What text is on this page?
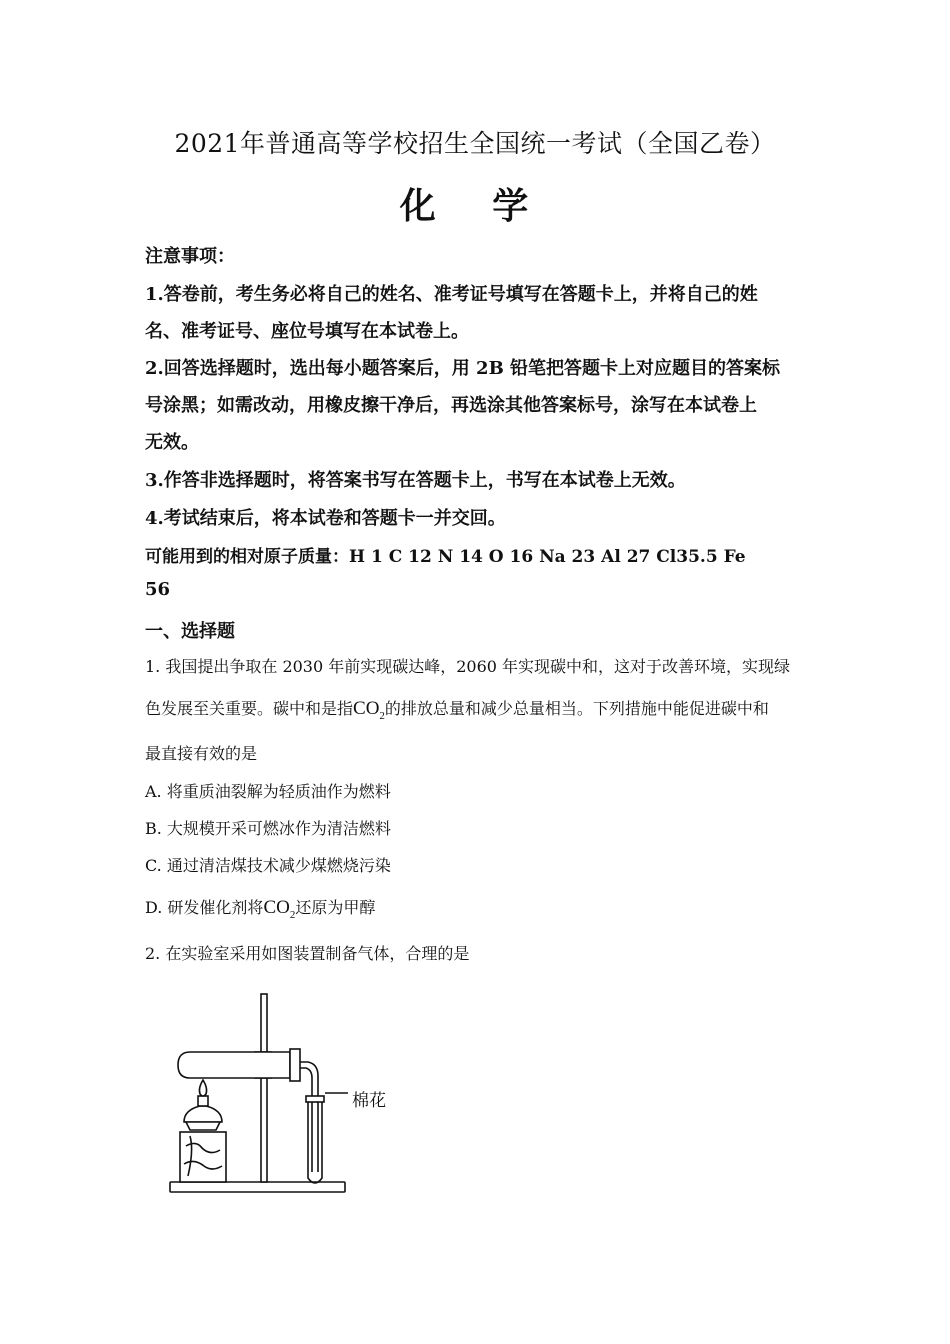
2021年普通高等学校招生全国统一考试（全国乙卷）
化 学
注意事项：
1.答卷前，考生务必将自己的姓名、准考证号填写在答题卡上，并将自己的姓
名、准考证号、座位号填写在本试卷上。
2.回答选择题时，选出每小题答案后，用 2B 铅笔把答题卡上对应题目的答案标
号涂黑；如需改动，用橡皮擦干净后，再选涂其他答案标号，涂写在本试卷上
无效。
3.作答非选择题时，将答案书写在答题卡上，书写在本试卷上无效。
4.考试结束后，将本试卷和答题卡一并交回。
可能用到的相对原子质量：H 1 C 12 N 14 O 16 Na 23 Al 27 Cl35.5 Fe
56
一、选择题
1. 我国提出争取在 2030 年前实现碳达峰，2060 年实现碳中和，这对于改善环境，实现绿
色发展至关重要。碳中和是指$CO_2$的排放总量和减少总量相当。下列措施中能促进碳中和
最直接有效的是
A. 将重质油裂解为轻质油作为燃料
B. 大规模开采可燃冰作为清洁燃料
C. 通过清洁煤技术减少煤燃烧污染
D. 研发催化剂将$CO_2$还原为甲醇
2. 在实验室采用如图装置制备气体，合理的是
棉花
